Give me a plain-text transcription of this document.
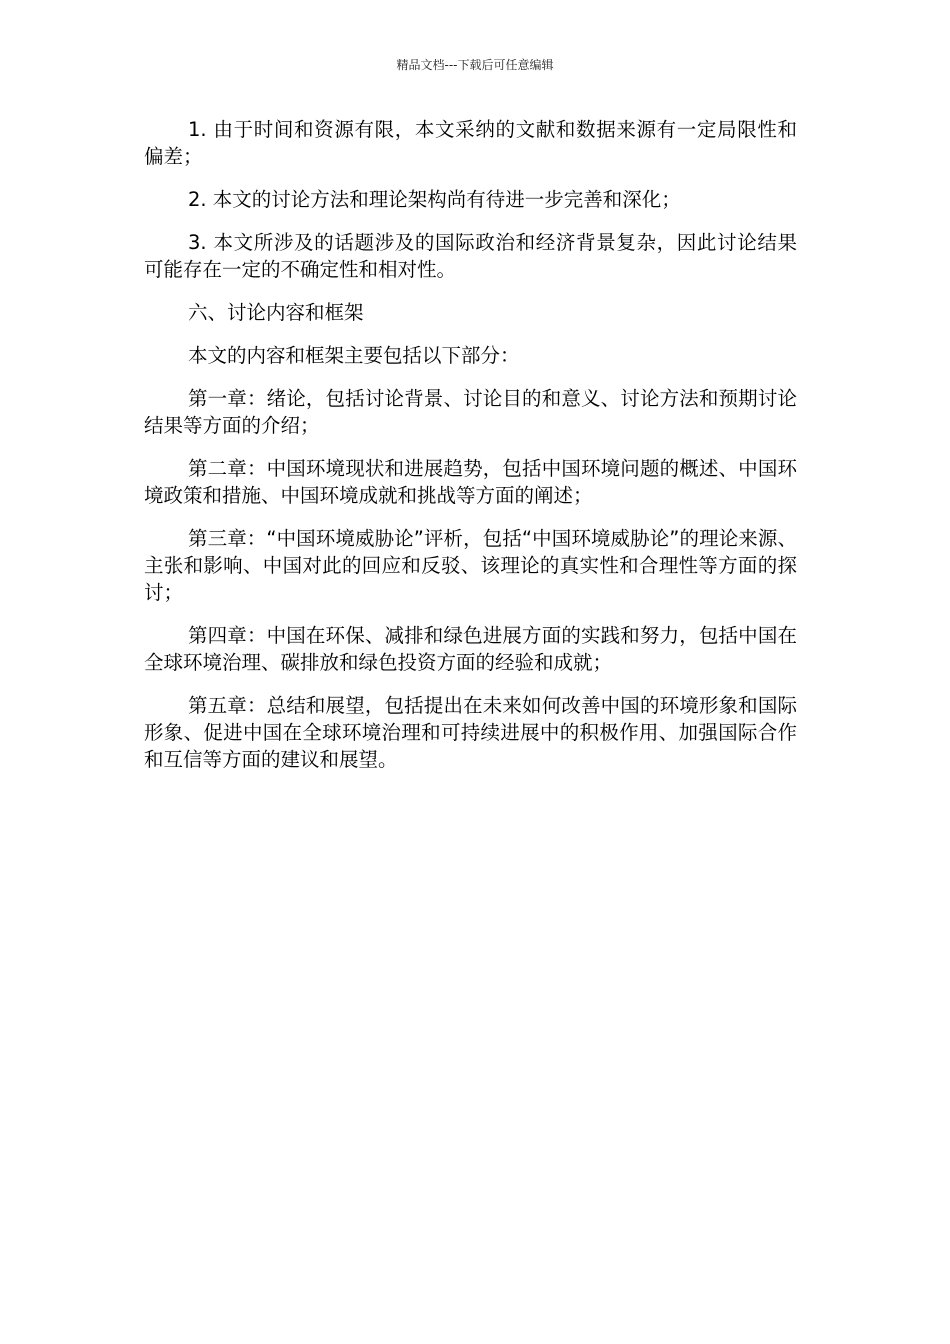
精品文档---下载后可任意编辑

1. 由于时间和资源有限，本文采纳的文献和数据来源有一定局限性和偏差；

2. 本文的讨论方法和理论架构尚有待进一步完善和深化；

3. 本文所涉及的话题涉及的国际政治和经济背景复杂，因此讨论结果可能存在一定的不确定性和相对性。

六、讨论内容和框架

本文的内容和框架主要包括以下部分：

第一章：绪论，包括讨论背景、讨论目的和意义、讨论方法和预期讨论结果等方面的介绍；

第二章：中国环境现状和进展趋势，包括中国环境问题的概述、中国环境政策和措施、中国环境成就和挑战等方面的阐述；

第三章：“中国环境威胁论”评析，包括“中国环境威胁论”的理论来源、主张和影响、中国对此的回应和反驳、该理论的真实性和合理性等方面的探讨；

第四章：中国在环保、减排和绿色进展方面的实践和努力，包括中国在全球环境治理、碳排放和绿色投资方面的经验和成就；

第五章：总结和展望，包括提出在未来如何改善中国的环境形象和国际形象、促进中国在全球环境治理和可持续进展中的积极作用、加强国际合作和互信等方面的建议和展望。
